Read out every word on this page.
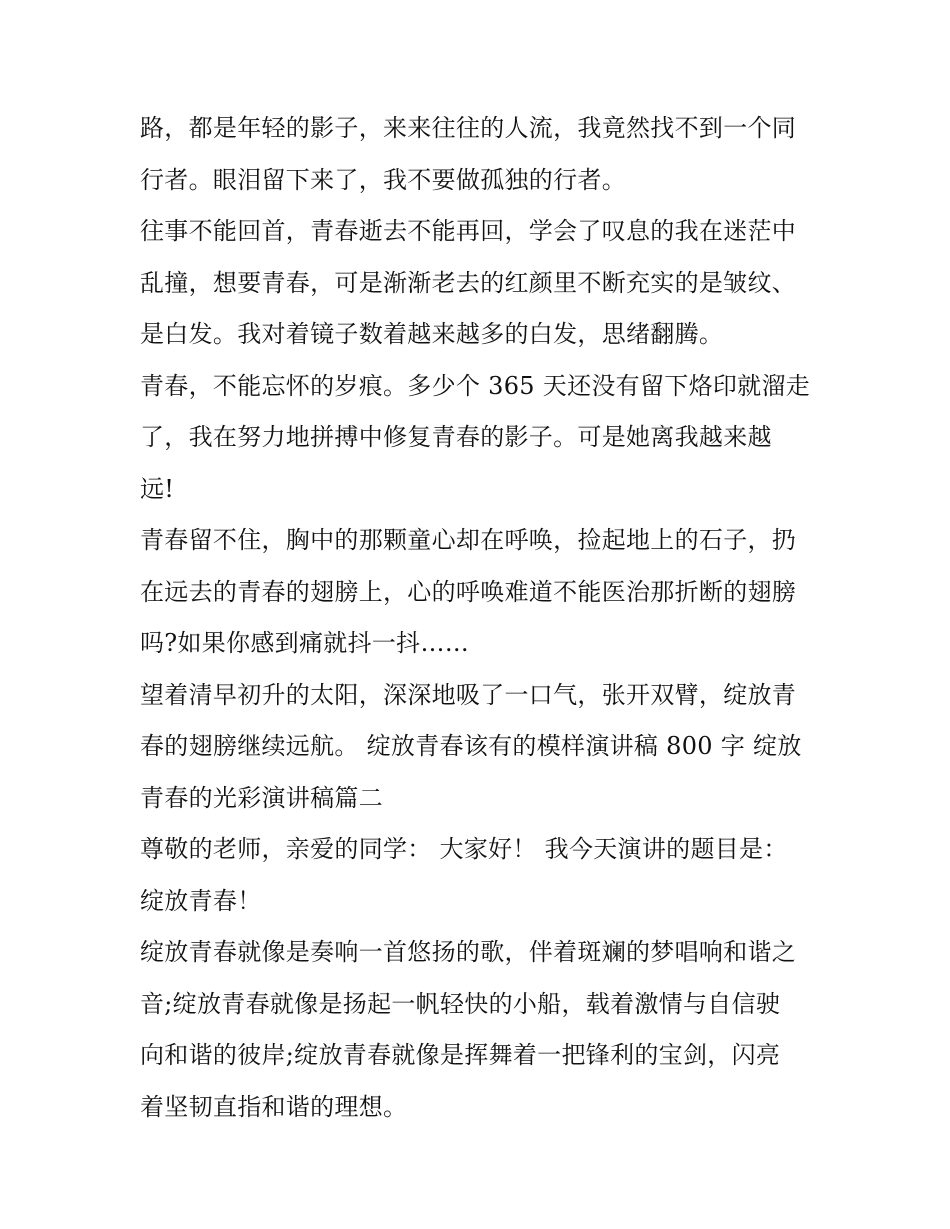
路，都是年轻的影子，来来往往的人流，我竟然找不到一个同
行者。眼泪留下来了，我不要做孤独的行者。
往事不能回首，青春逝去不能再回，学会了叹息的我在迷茫中
乱撞，想要青春，可是渐渐老去的红颜里不断充实的是皱纹、
是白发。我对着镜子数着越来越多的白发，思绪翻腾。
青春，不能忘怀的岁痕。多少个 365 天还没有留下烙印就溜走
了，我在努力地拼搏中修复青春的影子。可是她离我越来越
远!
青春留不住，胸中的那颗童心却在呼唤，捡起地上的石子，扔
在远去的青春的翅膀上，心的呼唤难道不能医治那折断的翅膀
吗?如果你感到痛就抖一抖……
望着清早初升的太阳，深深地吸了一口气，张开双臂，绽放青
春的翅膀继续远航。 绽放青春该有的模样演讲稿 800 字 绽放
青春的光彩演讲稿篇二
尊敬的老师，亲爱的同学： 大家好！ 我今天演讲的题目是：
绽放青春！
绽放青春就像是奏响一首悠扬的歌，伴着斑斓的梦唱响和谐之
音;绽放青春就像是扬起一帆轻快的小船，载着激情与自信驶
向和谐的彼岸;绽放青春就像是挥舞着一把锋利的宝剑，闪亮
着坚韧直指和谐的理想。
